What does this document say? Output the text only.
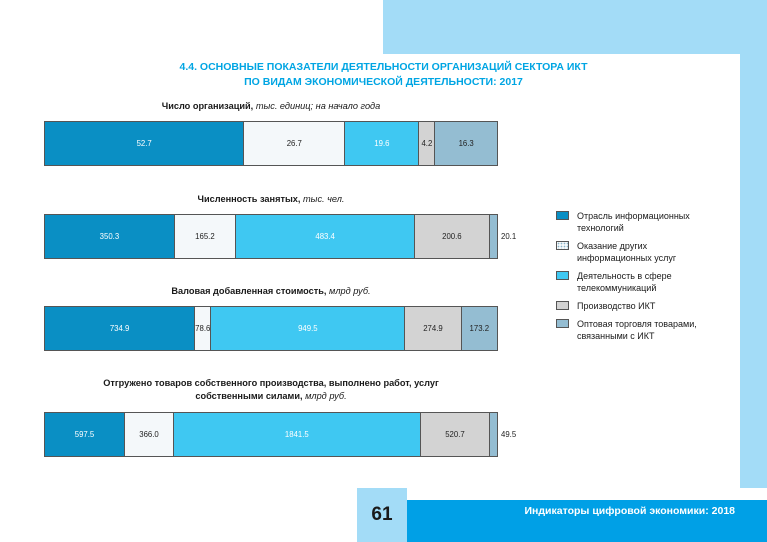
4.4. ОСНОВНЫЕ ПОКАЗАТЕЛИ ДЕЯТЕЛЬНОСТИ ОРГАНИЗАЦИЙ СЕКТОРА ИКТ
ПО ВИДАМ ЭКОНОМИЧЕСКОЙ ДЕЯТЕЛЬНОСТИ: 2017
Число организаций, тыс. единиц; на начало года
52.7	26.7	19.6	4.2	16.3
Численность занятых, тыс. чел.
350.3	165.2	483.4	200.6	20.1
Валовая добавленная стоимость, млрд руб.
734.9	78.6	949.5	274.9	173.2
Отгружено товаров собственного производства, выполнено работ, услуг
собственными силами, млрд руб.
597.5	366.0	1841.5	520.7	49.5
Отрасль информационных
технологий
Оказание других
информационных услуг
Деятельность в сфере
телекоммуникаций
Производство ИКТ
Оптовая торговля товарами,
связанными с ИКТ
61	Индикаторы цифровой экономики: 2018
